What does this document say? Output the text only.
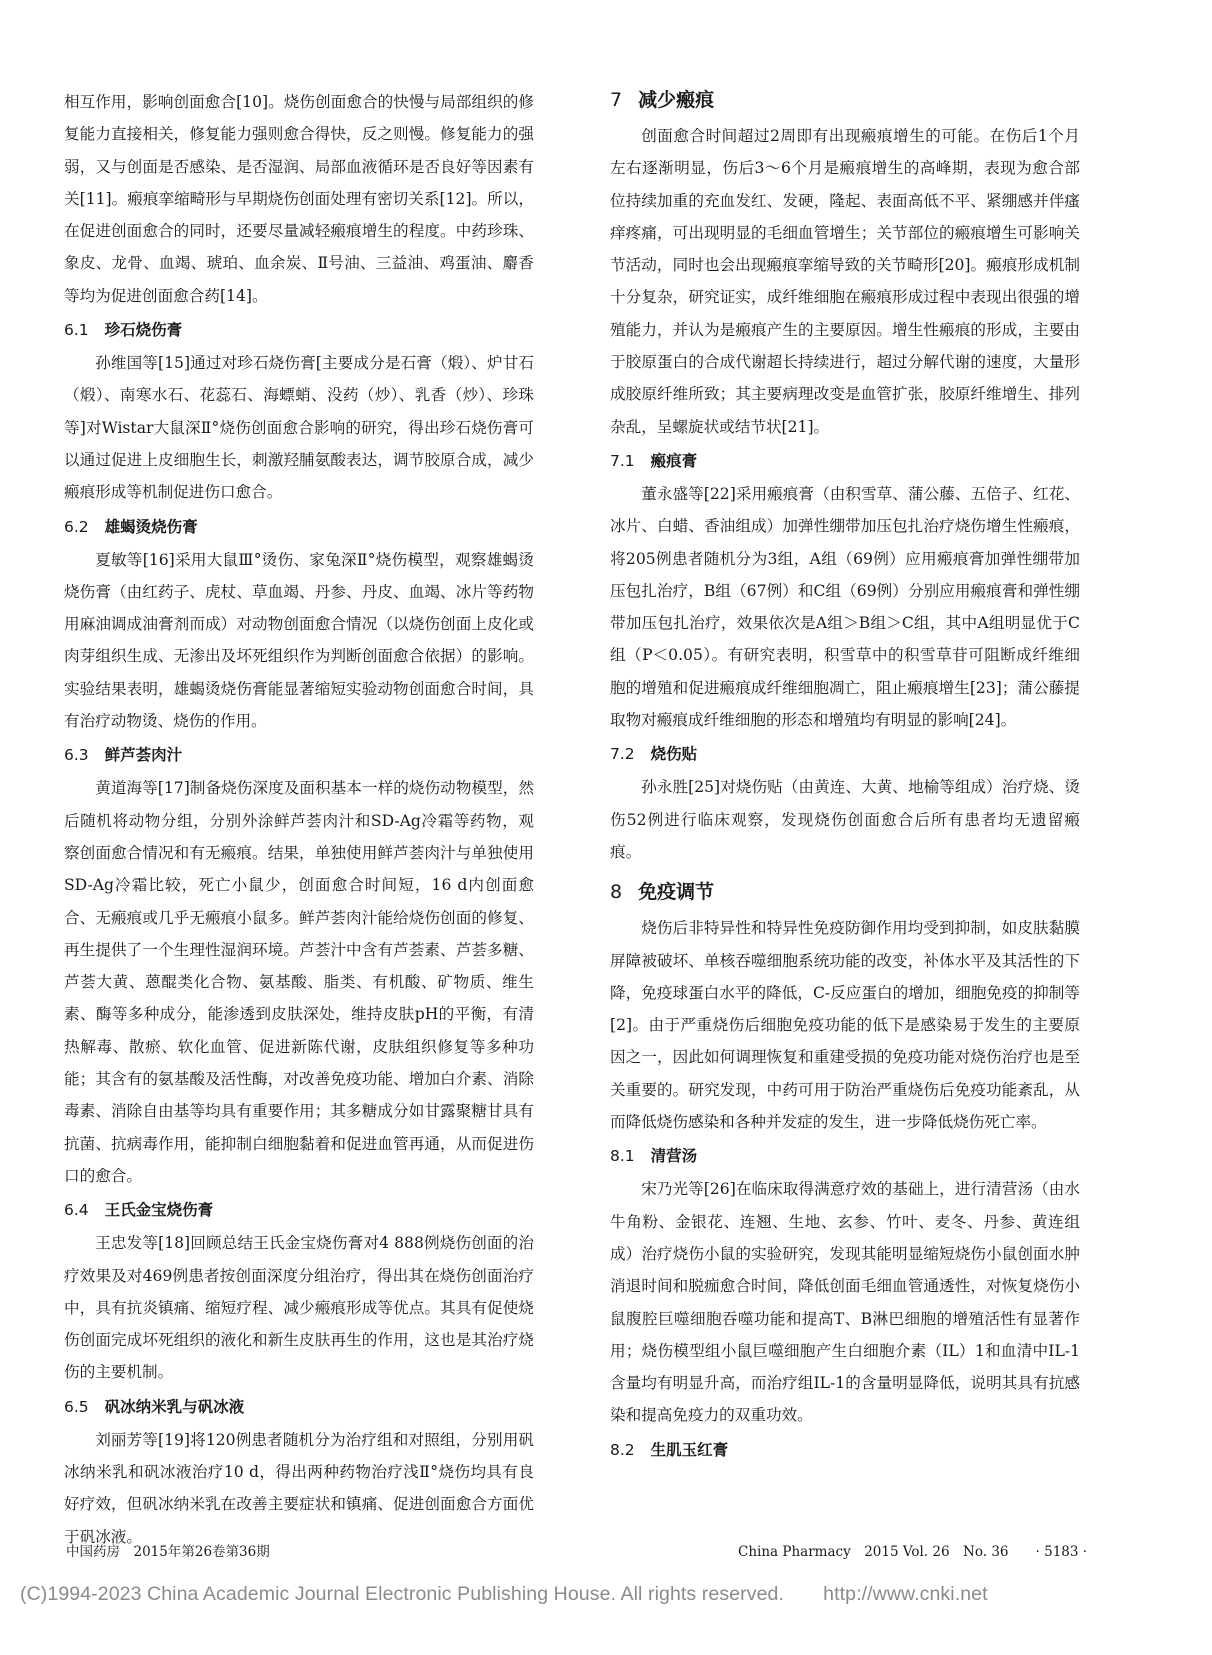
相互作用，影响创面愈合[10]。烧伤创面愈合的快慢与局部组织的修复能力直接相关，修复能力强则愈合得快，反之则慢。修复能力的强弱，又与创面是否感染、是否湿润、局部血液循环是否良好等因素有关[11]。瘢痕挛缩畸形与早期烧伤创面处理有密切关系[12]。所以，在促进创面愈合的同时，还要尽量减轻瘢痕增生的程度。中药珍珠、象皮、龙骨、血竭、琥珀、血余炭、Ⅱ号油、三益油、鸡蛋油、麝香等均为促进创面愈合药[14]。

6.1 珍石烧伤膏

孙维国等[15]通过对珍石烧伤膏[主要成分是石膏（煅）、炉甘石（煅）、南寒水石、花蕊石、海螵蛸、没药（炒）、乳香（炒）、珍珠等]对Wistar大鼠深Ⅱ°烧伤创面愈合影响的研究，得出珍石烧伤膏可以通过促进上皮细胞生长，刺激羟脯氨酸表达，调节胶原合成，减少瘢痕形成等机制促进伤口愈合。

6.2 雄蝎烫烧伤膏

夏敏等[16]采用大鼠Ⅲ°烫伤、家兔深Ⅱ°烧伤模型，观察雄蝎烫烧伤膏（由红药子、虎杖、草血竭、丹参、丹皮、血竭、冰片等药物用麻油调成油膏剂而成）对动物创面愈合情况（以烧伤创面上皮化或肉芽组织生成、无渗出及坏死组织作为判断创面愈合依据）的影响。实验结果表明，雄蝎烫烧伤膏能显著缩短实验动物创面愈合时间，具有治疗动物烫、烧伤的作用。

6.3 鲜芦荟肉汁

黄道海等[17]制备烧伤深度及面积基本一样的烧伤动物模型，然后随机将动物分组，分别外涂鲜芦荟肉汁和SD-Ag冷霜等药物，观察创面愈合情况和有无瘢痕。结果，单独使用鲜芦荟肉汁与单独使用SD-Ag冷霜比较，死亡小鼠少，创面愈合时间短，16 d内创面愈合、无瘢痕或几乎无瘢痕小鼠多。鲜芦荟肉汁能给烧伤创面的修复、再生提供了一个生理性湿润环境。芦荟汁中含有芦荟素、芦荟多糖、芦荟大黄、蒽醌类化合物、氨基酸、脂类、有机酸、矿物质、维生素、酶等多种成分，能渗透到皮肤深处，维持皮肤pH的平衡，有清热解毒、散瘀、软化血管、促进新陈代谢，皮肤组织修复等多种功能；其含有的氨基酸及活性酶，对改善免疫功能、增加白介素、消除毒素、消除自由基等均具有重要作用；其多糖成分如甘露聚糖甘具有抗菌、抗病毒作用，能抑制白细胞黏着和促进血管再通，从而促进伤口的愈合。

6.4 王氏金宝烧伤膏

王忠发等[18]回顾总结王氏金宝烧伤膏对4 888例烧伤创面的治疗效果及对469例患者按创面深度分组治疗，得出其在烧伤创面治疗中，具有抗炎镇痛、缩短疗程、减少瘢痕形成等优点。其具有促使烧伤创面完成坏死组织的液化和新生皮肤再生的作用，这也是其治疗烧伤的主要机制。

6.5 矾冰纳米乳与矾冰液

刘丽芳等[19]将120例患者随机分为治疗组和对照组，分别用矾冰纳米乳和矾冰液治疗10 d，得出两种药物治疗浅Ⅱ°烧伤均具有良好疗效，但矾冰纳米乳在改善主要症状和镇痛、促进创面愈合方面优于矾冰液。

7 减少瘢痕

创面愈合时间超过2周即有出现瘢痕增生的可能。在伤后1个月左右逐渐明显，伤后3～6个月是瘢痕增生的高峰期，表现为愈合部位持续加重的充血发红、发硬，隆起、表面高低不平、紧绷感并伴瘙痒疼痛，可出现明显的毛细血管增生；关节部位的瘢痕增生可影响关节活动，同时也会出现瘢痕挛缩导致的关节畸形[20]。瘢痕形成机制十分复杂，研究证实，成纤维细胞在瘢痕形成过程中表现出很强的增殖能力，并认为是瘢痕产生的主要原因。增生性瘢痕的形成，主要由于胶原蛋白的合成代谢超长持续进行，超过分解代谢的速度，大量形成胶原纤维所致；其主要病理改变是血管扩张，胶原纤维增生、排列杂乱，呈螺旋状或结节状[21]。

7.1 瘢痕膏

董永盛等[22]采用瘢痕膏（由积雪草、蒲公藤、五倍子、红花、冰片、白蜡、香油组成）加弹性绷带加压包扎治疗烧伤增生性瘢痕，将205例患者随机分为3组，A组（69例）应用瘢痕膏加弹性绷带加压包扎治疗，B组（67例）和C组（69例）分别应用瘢痕膏和弹性绷带加压包扎治疗，效果依次是A组＞B组＞C组，其中A组明显优于C组（P＜0.05）。有研究表明，积雪草中的积雪草苷可阻断成纤维细胞的增殖和促进瘢痕成纤维细胞凋亡，阻止瘢痕增生[23]；蒲公藤提取物对瘢痕成纤维细胞的形态和增殖均有明显的影响[24]。

7.2 烧伤贴

孙永胜[25]对烧伤贴（由黄连、大黄、地榆等组成）治疗烧、烫伤52例进行临床观察，发现烧伤创面愈合后所有患者均无遗留瘢痕。

8 免疫调节

烧伤后非特异性和特异性免疫防御作用均受到抑制，如皮肤黏膜屏障被破坏、单核吞噬细胞系统功能的改变，补体水平及其活性的下降，免疫球蛋白水平的降低，C-反应蛋白的增加，细胞免疫的抑制等[2]。由于严重烧伤后细胞免疫功能的低下是感染易于发生的主要原因之一，因此如何调理恢复和重建受损的免疫功能对烧伤治疗也是至关重要的。研究发现，中药可用于防治严重烧伤后免疫功能紊乱，从而降低烧伤感染和各种并发症的发生，进一步降低烧伤死亡率。

8.1 清营汤

宋乃光等[26]在临床取得满意疗效的基础上，进行清营汤（由水牛角粉、金银花、连翘、生地、玄参、竹叶、麦冬、丹参、黄连组成）治疗烧伤小鼠的实验研究，发现其能明显缩短烧伤小鼠创面水肿消退时间和脱痂愈合时间，降低创面毛细血管通透性，对恢复烧伤小鼠腹腔巨噬细胞吞噬功能和提高T、B淋巴细胞的增殖活性有显著作用；烧伤模型组小鼠巨噬细胞产生白细胞介素（IL）1和血清中IL-1含量均有明显升高，而治疗组IL-1的含量明显降低，说明其具有抗感染和提高免疫力的双重功效。

8.2 生肌玉红膏
中国药房　2015年第26卷第36期	China Pharmacy　2015 Vol. 26　No. 36　　· 5183 ·
(C)1994-2023 China Academic Journal Electronic Publishing House. All rights reserved.　　http://www.cnki.net
